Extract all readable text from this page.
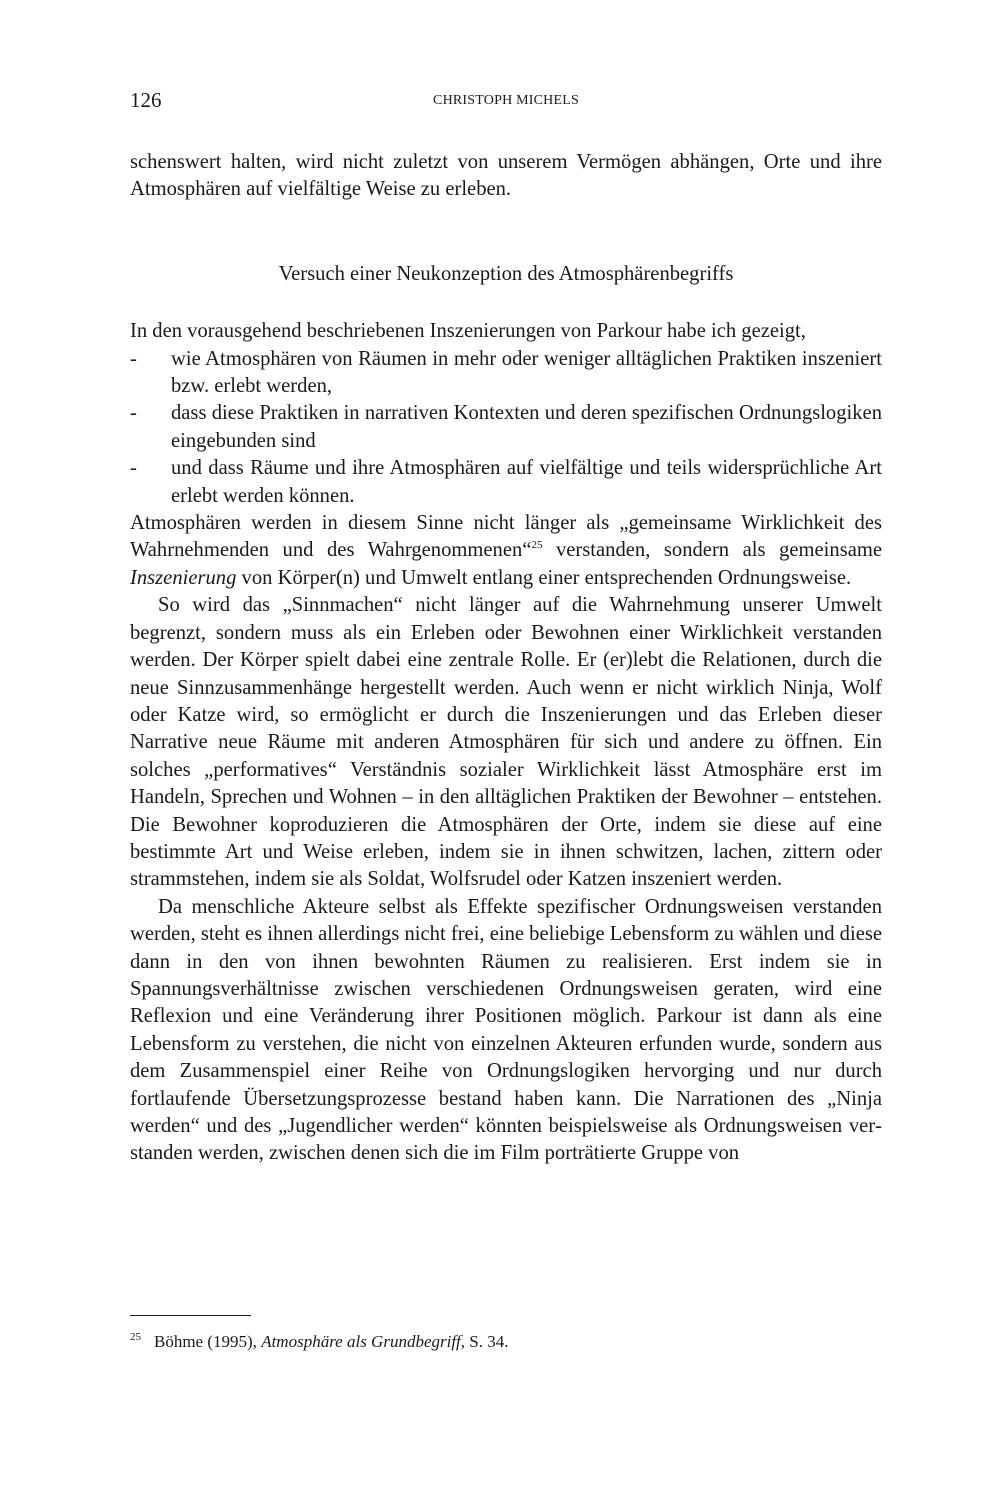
126	CHRISTOPH MICHELS

schenswert halten, wird nicht zuletzt von unserem Vermögen abhängen, Orte und ihre Atmosphären auf vielfältige Weise zu erleben.

Versuch einer Neukonzeption des Atmosphärenbegriffs

In den vorausgehend beschriebenen Inszenierungen von Parkour habe ich gezeigt,

- wie Atmosphären von Räumen in mehr oder weniger alltäglichen Praktiken inszeniert bzw. erlebt werden,
- dass diese Praktiken in narrativen Kontexten und deren spezifischen Ordnungslogiken eingebunden sind
- und dass Räume und ihre Atmosphären auf vielfältige und teils widersprüchliche Art erlebt werden können.

Atmosphären werden in diesem Sinne nicht länger als „gemeinsame Wirklichkeit des Wahrnehmenden und des Wahrgenommenen“$^{25}$ verstanden, sondern als gemeinsame Inszenierung von Körper(n) und Umwelt entlang einer entsprechenden Ordnungsweise.

So wird das „Sinnmachen“ nicht länger auf die Wahrnehmung unserer Umwelt begrenzt, sondern muss als ein Erleben oder Bewohnen einer Wirklichkeit verstanden werden. Der Körper spielt dabei eine zentrale Rolle. Er (er)lebt die Relationen, durch die neue Sinnzusammenhänge hergestellt werden. Auch wenn er nicht wirklich Ninja, Wolf oder Katze wird, so ermöglicht er durch die Inszenierungen und das Erleben dieser Narrative neue Räume mit anderen Atmosphären für sich und andere zu öffnen. Ein solches „performatives“ Verständnis sozialer Wirklichkeit lässt Atmosphäre erst im Handeln, Sprechen und Wohnen – in den alltäglichen Praktiken der Bewohner – entstehen. Die Bewohner koproduzieren die Atmosphären der Orte, indem sie diese auf eine bestimmte Art und Weise erleben, indem sie in ihnen schwitzen, lachen, zittern oder strammstehen, indem sie als Soldat, Wolfsrudel oder Katzen inszeniert werden.

Da menschliche Akteure selbst als Effekte spezifischer Ordnungsweisen verstanden werden, steht es ihnen allerdings nicht frei, eine beliebige Lebensform zu wählen und diese dann in den von ihnen bewohnten Räumen zu realisieren. Erst indem sie in Spannungsverhältnisse zwischen verschiedenen Ordnungsweisen geraten, wird eine Reflexion und eine Veränderung ihrer Positionen möglich. Parkour ist dann als eine Lebensform zu verstehen, die nicht von einzelnen Akteuren erfunden wurde, sondern aus dem Zusammenspiel einer Reihe von Ordnungslogiken hervorging und nur durch fortlaufende Übersetzungsprozesse bestand haben kann. Die Narrationen des „Ninja werden“ und des „Jugendlicher werden“ könnten beispielsweise als Ordnungsweisen verstanden werden, zwischen denen sich die im Film porträtierte Gruppe von

$^{25}$ Böhme (1995), Atmosphäre als Grundbegriff, S. 34.
